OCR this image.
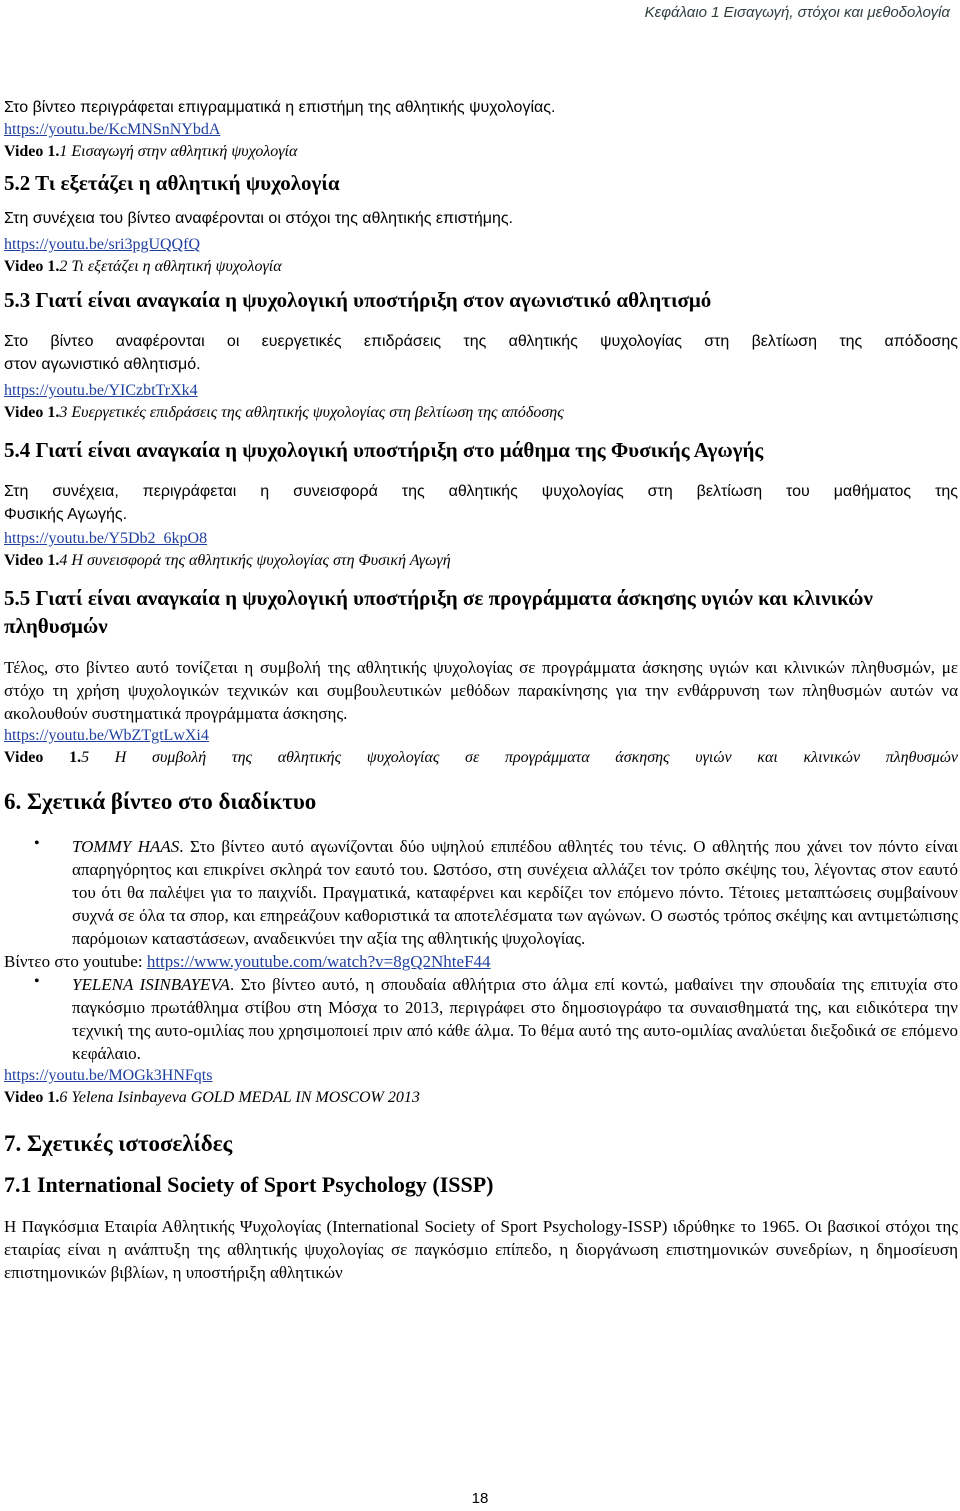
Κεφάλαιο 1 Εισαγωγή, στόχοι και μεθοδολογία

Στο βίντεο περιγράφεται επιγραμματικά η επιστήμη της αθλητικής ψυχολογίας.

https://youtu.be/KcMNSnNYbdA

Video 1.1 Εισαγωγή στην αθλητική ψυχολογία

5.2 Τι εξετάζει η αθλητική ψυχολογία

Στη συνέχεια του βίντεο αναφέρονται οι στόχοι της αθλητικής επιστήμης.

https://youtu.be/sri3pgUQQfQ

Video 1.2 Τι εξετάζει η αθλητική ψυχολογία

5.3 Γιατί είναι αναγκαία η ψυχολογική υποστήριξη στον αγωνιστικό αθλητισμό

Στο βίντεο αναφέρονται οι ευεργετικές επιδράσεις της αθλητικής ψυχολογίας στη βελτίωση της απόδοσης

στον αγωνιστικό αθλητισμό.

https://youtu.be/YICzbtTrXk4

Video 1.3 Ευεργετικές επιδράσεις της αθλητικής ψυχολογίας στη βελτίωση της απόδοσης

5.4 Γιατί είναι αναγκαία η ψυχολογική υποστήριξη στο μάθημα της Φυσικής Αγωγής

Στη συνέχεια, περιγράφεται η συνεισφορά της αθλητικής ψυχολογίας στη βελτίωση του μαθήματος της

Φυσικής Αγωγής.

https://youtu.be/Y5Db2_6kpO8

Video 1.4 Η συνεισφορά της αθλητικής ψυχολογίας στη Φυσική Αγωγή

5.5 Γιατί είναι αναγκαία η ψυχολογική υποστήριξη σε προγράμματα άσκησης υγιών και κλινικών πληθυσμών

Τέλος, στο βίντεο αυτό τονίζεται η συμβολή της αθλητικής ψυχολογίας σε προγράμματα άσκησης υγιών και κλινικών πληθυσμών, με στόχο τη χρήση ψυχολογικών τεχνικών και συμβουλευτικών μεθόδων παρακίνησης για την ενθάρρυνση των πληθυσμών αυτών να ακολουθούν συστηματικά προγράμματα άσκησης.

https://youtu.be/WbZTgtLwXi4

Video 1.5 Η συμβολή της αθλητικής ψυχολογίας σε προγράμματα άσκησης υγιών και κλινικών πληθυσμών

6. Σχετικά βίντεο στο διαδίκτυο
• TOMMY HAAS. Στο βίντεο αυτό αγωνίζονται δύο υψηλού επιπέδου αθλητές του τένις. Ο αθλητής που χάνει τον πόντο είναι απαρηγόρητος και επικρίνει σκληρά τον εαυτό του. Ωστόσο, στη συνέχεια αλλάζει τον τρόπο σκέψης του, λέγοντας στον εαυτό του ότι θα παλέψει για το παιχνίδι. Πραγματικά, καταφέρνει και κερδίζει τον επόμενο πόντο. Τέτοιες μεταπτώσεις συμβαίνουν συχνά σε όλα τα σπορ, και επηρεάζουν καθοριστικά τα αποτελέσματα των αγώνων. Ο σωστός τρόπος σκέψης και αντιμετώπισης παρόμοιων καταστάσεων, αναδεικνύει την αξία της αθλητικής ψυχολογίας.

Βίντεο στο youtube: https://www.youtube.com/watch?v=8gQ2NhteF44

• YELENA ISINBAYEVA. Στο βίντεο αυτό, η σπουδαία αθλήτρια στο άλμα επί κοντώ, μαθαίνει την σπουδαία της επιτυχία στο παγκόσμιο πρωτάθλημα στίβου στη Μόσχα το 2013, περιγράφει στο δημοσιογράφο τα συναισθηματά της, και ειδικότερα την τεχνική της αυτο-ομιλίας που χρησιμοποιεί πριν από κάθε άλμα. Το θέμα αυτό της αυτο-ομιλίας αναλύεται διεξοδικά σε επόμενο κεφάλαιο.

https://youtu.be/MOGk3HNFqts

Video 1.6 Yelena Isinbayeva GOLD MEDAL IN MOSCOW 2013

7. Σχετικές ιστοσελίδες
7.1 International Society of Sport Psychology (ISSP)

Η Παγκόσμια Εταιρία Αθλητικής Ψυχολογίας (International Society of Sport Psychology-ISSP) ιδρύθηκε το 1965. Οι βασικοί στόχοι της εταιρίας είναι η ανάπτυξη της αθλητικής ψυχολογίας σε παγκόσμιο επίπεδο, η διοργάνωση επιστημονικών συνεδρίων, η δημοσίευση επιστημονικών βιβλίων, η υποστήριξη αθλητικών

18
